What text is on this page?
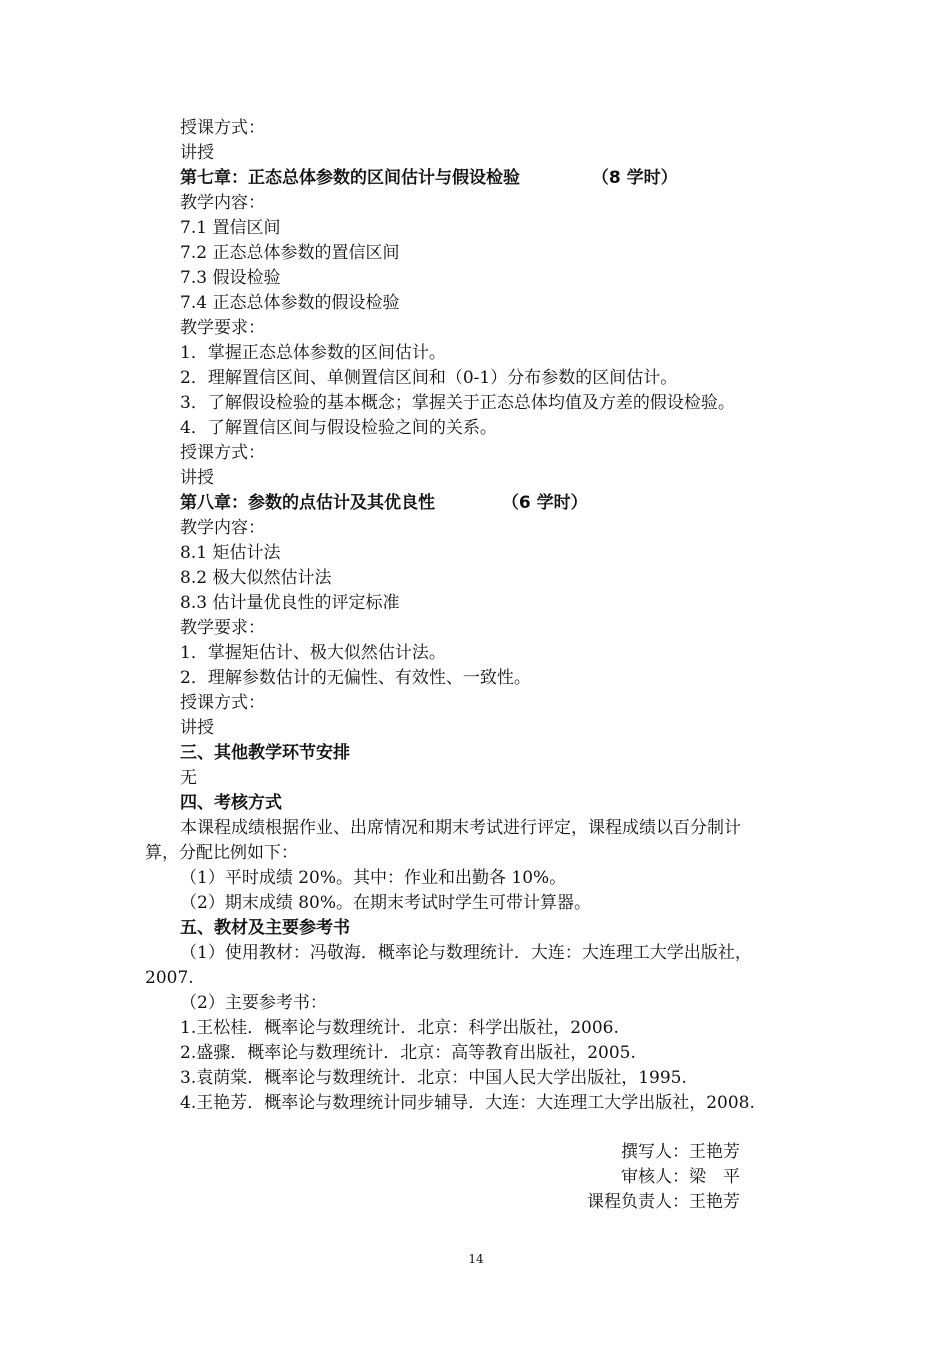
授课方式：
讲授
第七章：正态总体参数的区间估计与假设检验	（8 学时）
教学内容：
7.1 置信区间
7.2 正态总体参数的置信区间
7.3 假设检验
7.4 正态总体参数的假设检验
教学要求：
1．掌握正态总体参数的区间估计。
2．理解置信区间、单侧置信区间和（0-1）分布参数的区间估计。
3．了解假设检验的基本概念；掌握关于正态总体均值及方差的假设检验。
4．了解置信区间与假设检验之间的关系。
授课方式：
讲授
第八章：参数的点估计及其优良性	（6 学时）
教学内容：
8.1 矩估计法
8.2 极大似然估计法
8.3 估计量优良性的评定标准
教学要求：
1．掌握矩估计、极大似然估计法。
2．理解参数估计的无偏性、有效性、一致性。
授课方式：
讲授
三、其他教学环节安排
无
四、考核方式
本课程成绩根据作业、出席情况和期末考试进行评定，课程成绩以百分制计
算，分配比例如下：
（1）平时成绩 20%。其中：作业和出勤各 10%。
（2）期末成绩 80%。在期末考试时学生可带计算器。
五、教材及主要参考书
（1）使用教材：冯敬海．概率论与数理统计．大连：大连理工大学出版社，
2007.
（2）主要参考书：
1.王松桂．概率论与数理统计．北京：科学出版社，2006.
2.盛骤．概率论与数理统计．北京：高等教育出版社，2005.
3.袁荫棠．概率论与数理统计．北京：中国人民大学出版社，1995.
4.王艳芳．概率论与数理统计同步辅导．大连：大连理工大学出版社，2008.
撰写人：王艳芳
审核人：梁　平
课程负责人：王艳芳
14
